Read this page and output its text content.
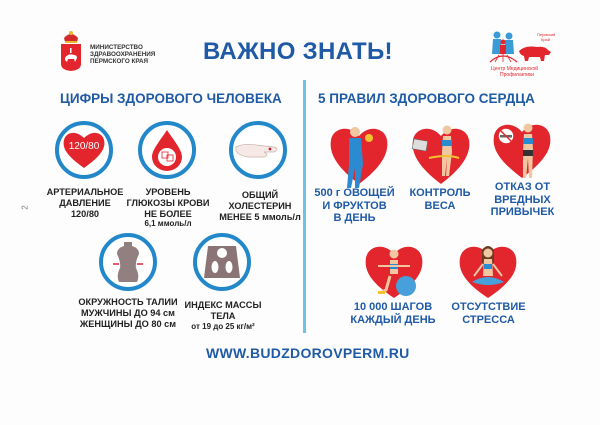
2
МИНИСТЕРСТВО
ЗДРАВООХРАНЕНИЯ
ПЕРМСКОГО КРАЯ	ВАЖНО ЗНАТЬ!
Пермский
Край
Центр Медицинской
Профилактики
ЦИФРЫ ЗДОРОВОГО ЧЕЛОВЕКА	5 ПРАВИЛ ЗДОРОВОГО СЕРДЦА
120/80
АРТЕРИАЛЬНОЕ
ДАВЛЕНИЕ
120/80
УРОВЕНЬ
ГЛЮКОЗЫ КРОВИ
НЕ БОЛЕЕ
6,1 ммоль/л
ОБЩИЙ
ХОЛЕСТЕРИН
МЕНЕЕ 5 ммоль/л
ОКРУЖНОСТЬ ТАЛИИ
МУЖЧИНЫ ДО 94 см
ЖЕНЩИНЫ ДО 80 см
ИНДЕКС МАССЫ
ТЕЛА
от 19 до 25 кг/м²
500 г ОВОЩЕЙ
И ФРУКТОВ
В ДЕНЬ
КОНТРОЛЬ
ВЕСА
ОТКАЗ ОТ
ВРЕДНЫХ
ПРИВЫЧЕК
10 000 ШАГОВ
КАЖДЫЙ ДЕНЬ
ОТСУТСТВИЕ
СТРЕССА
WWW.BUDZDOROVPERM.RU
